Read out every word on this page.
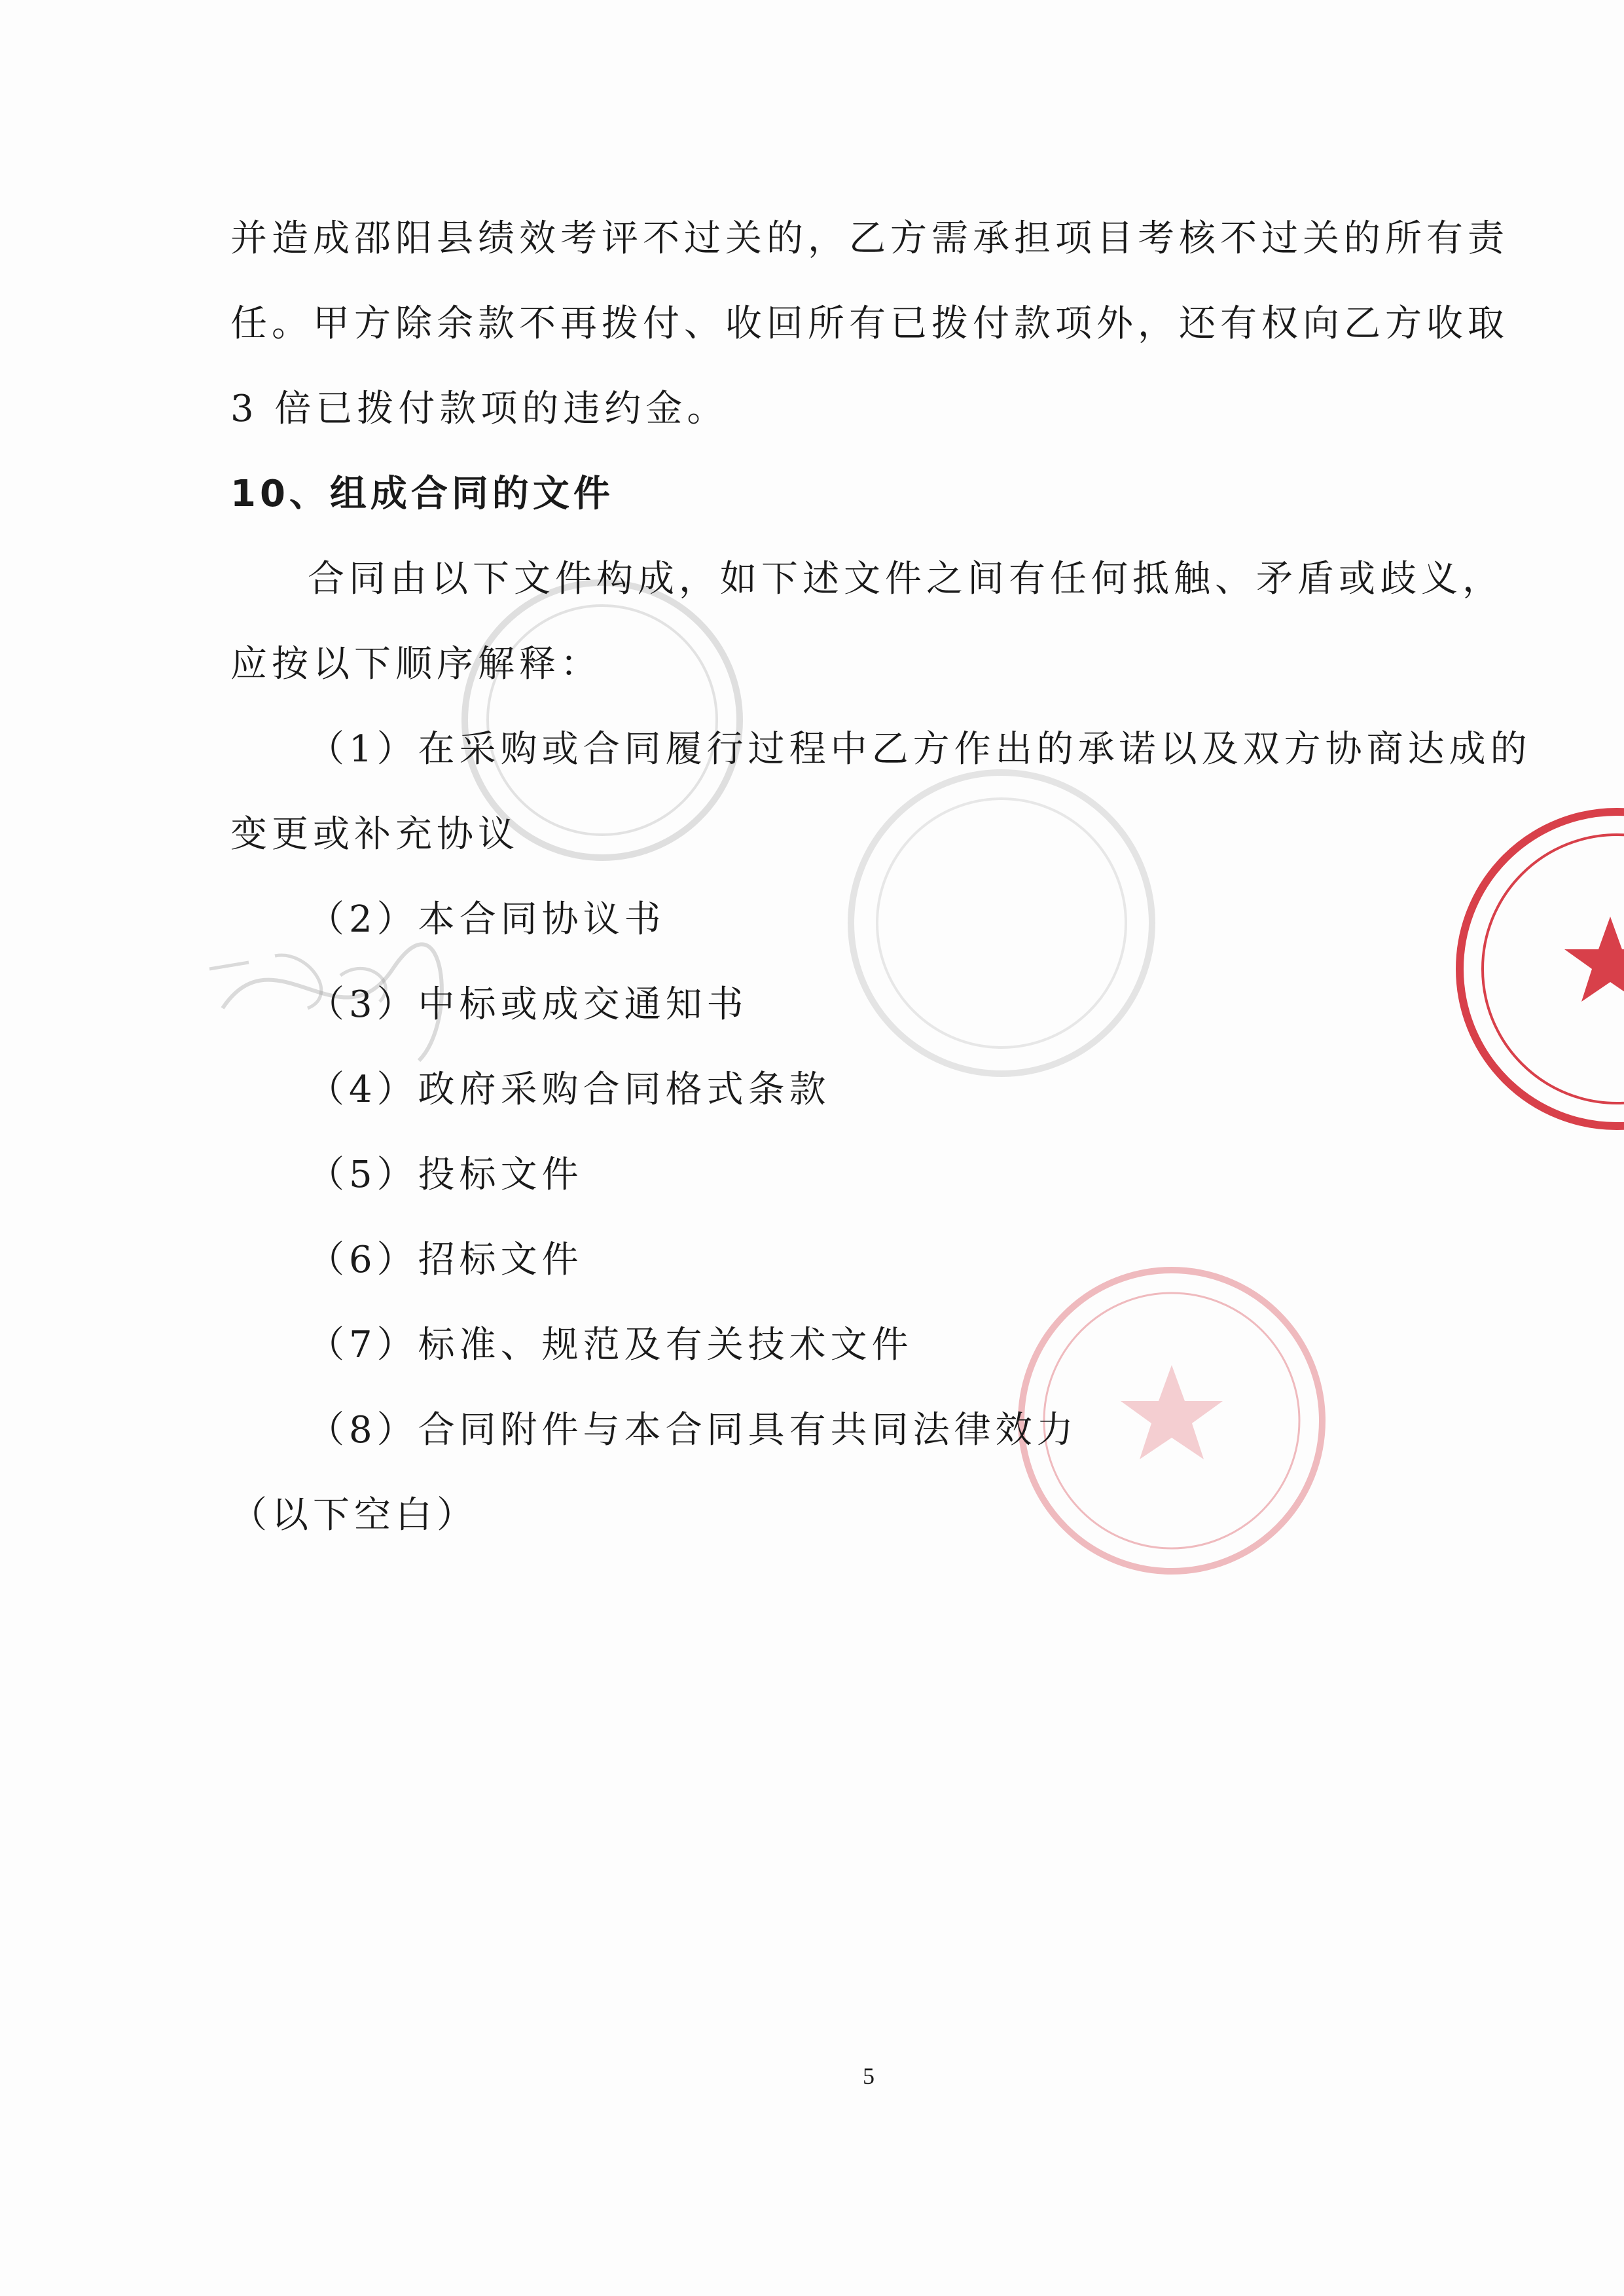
并造成邵阳县绩效考评不过关的，乙方需承担项目考核不过关的所有责
任。甲方除余款不再拨付、收回所有已拨付款项外，还有权向乙方收取
3 倍已拨付款项的违约金。
10、组成合同的文件
合同由以下文件构成，如下述文件之间有任何抵触、矛盾或歧义，
应按以下顺序解释：
（1）在采购或合同履行过程中乙方作出的承诺以及双方协商达成的
变更或补充协议
（2）本合同协议书
（3）中标或成交通知书
（4）政府采购合同格式条款
（5）投标文件
（6）招标文件
（7）标准、规范及有关技术文件
（8）合同附件与本合同具有共同法律效力
（以下空白）
5
